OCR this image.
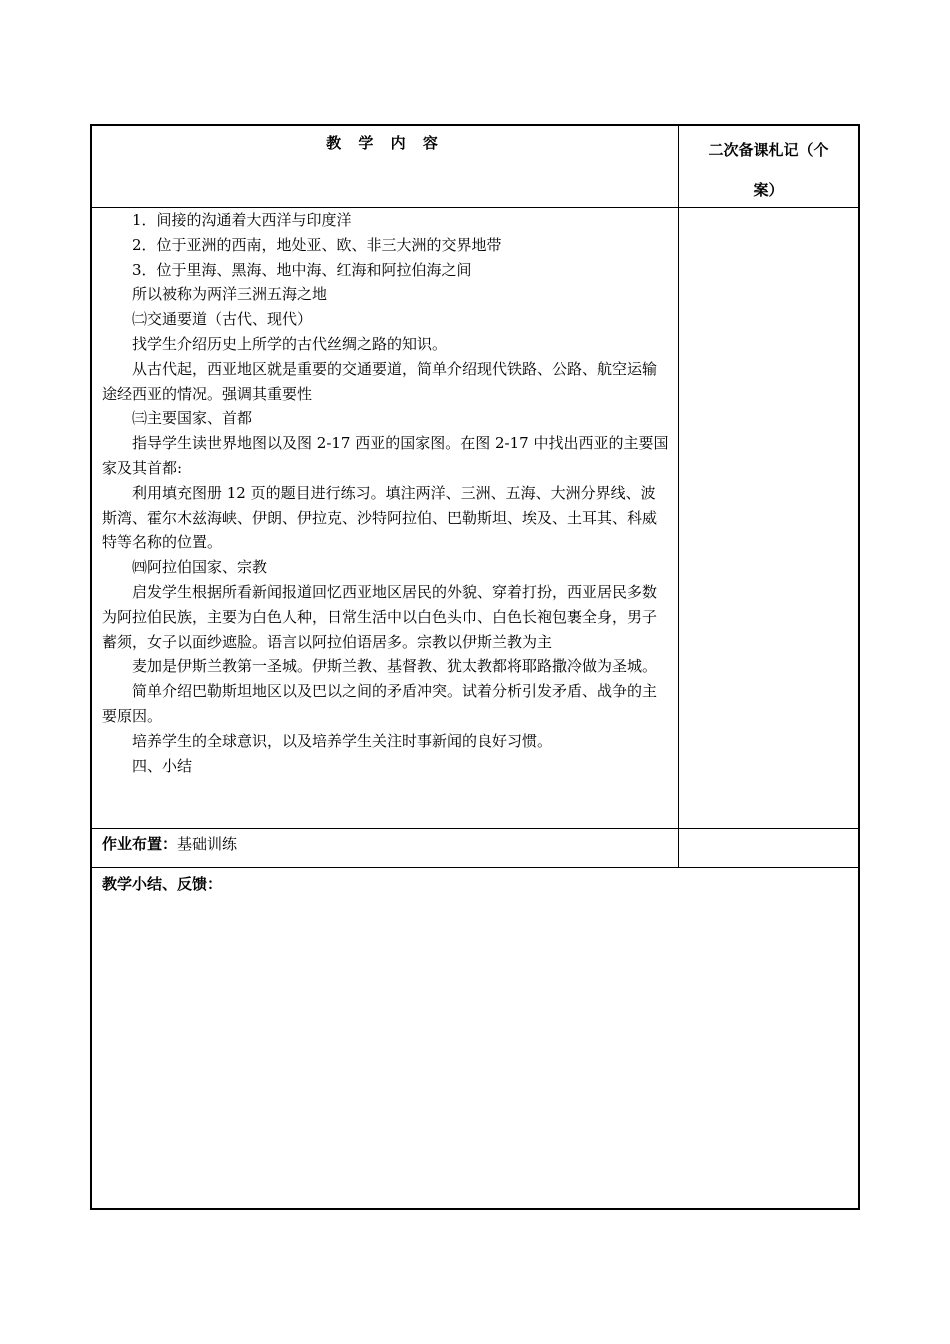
教 学 内 容	二次备课札记（个
案）

1．间接的沟通着大西洋与印度洋

2．位于亚洲的西南，地处亚、欧、非三大洲的交界地带

3．位于里海、黑海、地中海、红海和阿拉伯海之间

所以被称为两洋三洲五海之地

㈡交通要道（古代、现代）

找学生介绍历史上所学的古代丝绸之路的知识。

从古代起，西亚地区就是重要的交通要道，简单介绍现代铁路、公路、航空运输途经西亚的情况。强调其重要性

㈢主要国家、首都

指导学生读世界地图以及图 2-17 西亚的国家图。在图 2-17 中找出西亚的主要国家及其首都:

利用填充图册 12 页的题目进行练习。填注两洋、三洲、五海、大洲分界线、波斯湾、霍尔木兹海峡、伊朗、伊拉克、沙特阿拉伯、巴勒斯坦、埃及、土耳其、科威特等名称的位置。

㈣阿拉伯国家、宗教

启发学生根据所看新闻报道回忆西亚地区居民的外貌、穿着打扮，西亚居民多数为阿拉伯民族，主要为白色人种，日常生活中以白色头巾、白色长袍包裹全身，男子蓄须，女子以面纱遮脸。语言以阿拉伯语居多。宗教以伊斯兰教为主

麦加是伊斯兰教第一圣城。伊斯兰教、基督教、犹太教都将耶路撒冷做为圣城。

简单介绍巴勒斯坦地区以及巴以之间的矛盾冲突。试着分析引发矛盾、战争的主要原因。

培养学生的全球意识，以及培养学生关注时事新闻的良好习惯。

四、小结

作业布置：基础训练
教学小结、反馈：
